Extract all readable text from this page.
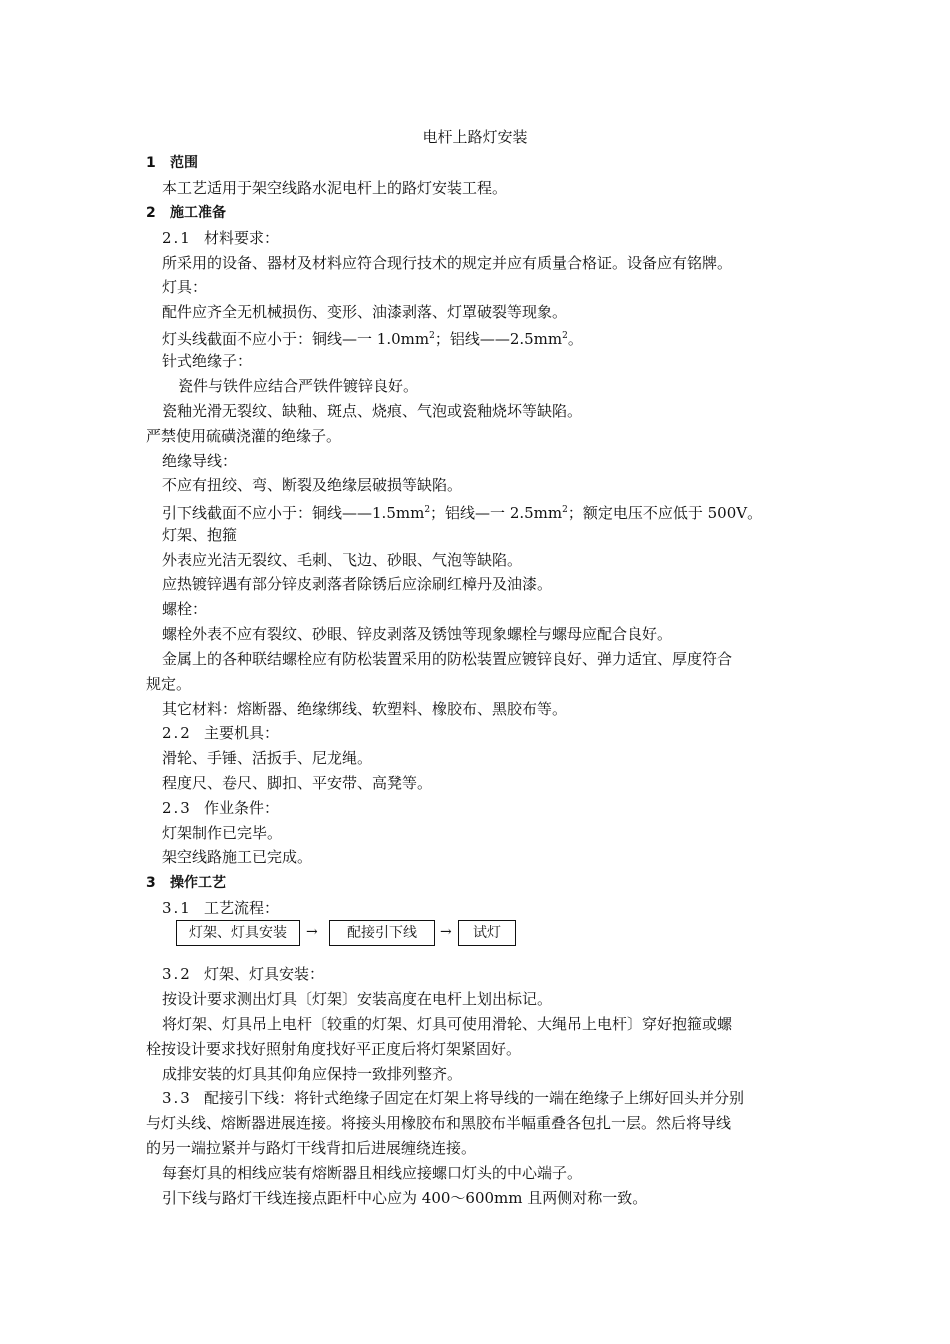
电杆上路灯安装
1 范围
本工艺适用于架空线路水泥电杆上的路灯安装工程。
2 施工准备
2.1 材料要求：
所采用的设备、器材及材料应符合现行技术的规定并应有质量合格证。设备应有铭牌。
灯具：
配件应齐全无机械损伤、变形、油漆剥落、灯罩破裂等现象。
灯头线截面不应小于：铜线—一 $1.0mm^2$；铝线$——2.5mm^2$。
针式绝缘子：
瓷件与铁件应结合严铁件镀锌良好。
瓷釉光滑无裂纹、缺釉、斑点、烧痕、气泡或瓷釉烧坏等缺陷。
严禁使用硫磺浇灌的绝缘子。
绝缘导线：
不应有扭绞、弯、断裂及绝缘层破损等缺陷。
引下线截面不应小于：铜线$——1.5mm^2$；铝线—一 $2.5mm^2$；额定电压不应低于 500V。
灯架、抱箍
外表应光洁无裂纹、毛刺、飞边、砂眼、气泡等缺陷。
应热镀锌遇有部分锌皮剥落者除锈后应涂刷红樟丹及油漆。
螺栓：
螺栓外表不应有裂纹、砂眼、锌皮剥落及锈蚀等现象螺栓与螺母应配合良好。
金属上的各种联结螺栓应有防松装置采用的防松装置应镀锌良好、弹力适宜、厚度符合
规定。
其它材料：熔断器、绝缘绑线、软塑料、橡胶布、黑胶布等。
2.2 主要机具：
滑轮、手锤、活扳手、尼龙绳。
程度尺、卷尺、脚扣、平安带、高凳等。
2.3 作业条件：
灯架制作已完毕。
架空线路施工已完成。
3 操作工艺
3.1 工艺流程：
灯架、灯具安装	→	配接引下线	→	试灯
3.2 灯架、灯具安装：
按设计要求测出灯具〔灯架〕安装高度在电杆上划出标记。
将灯架、灯具吊上电杆〔较重的灯架、灯具可使用滑轮、大绳吊上电杆〕穿好抱箍或螺
栓按设计要求找好照射角度找好平正度后将灯架紧固好。
成排安装的灯具其仰角应保持一致排列整齐。
3.3 配接引下线：将针式绝缘子固定在灯架上将导线的一端在绝缘子上绑好回头并分别
与灯头线、熔断器进展连接。将接头用橡胶布和黑胶布半幅重叠各包扎一层。然后将导线
的另一端拉紧并与路灯干线背扣后进展缠绕连接。
每套灯具的相线应装有熔断器且相线应接螺口灯头的中心端子。
引下线与路灯干线连接点距杆中心应为 400～600mm 且两侧对称一致。
